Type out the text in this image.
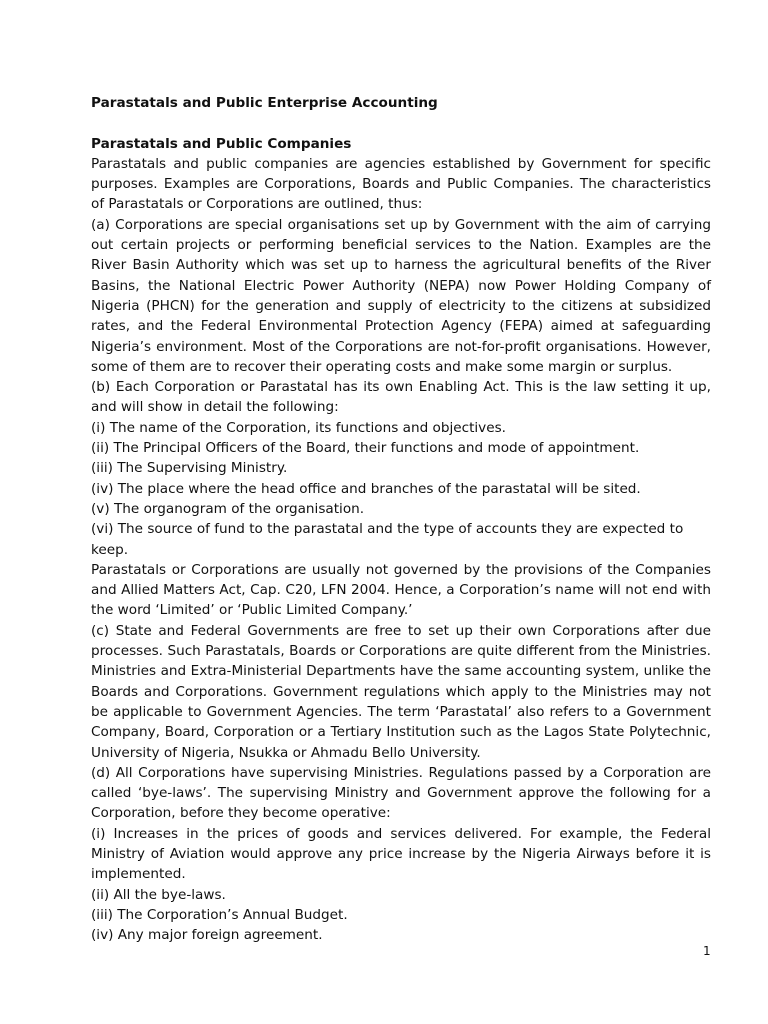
Parastatals and Public Enterprise Accounting

Parastatals and Public Companies

Parastatals and public companies are agencies established by Government for specific purposes. Examples are Corporations, Boards and Public Companies. The characteristics of Parastatals or Corporations are outlined, thus:

(a) Corporations are special organisations set up by Government with the aim of carrying out certain projects or performing beneficial services to the Nation. Examples are the River Basin Authority which was set up to harness the agricultural benefits of the River Basins, the National Electric Power Authority (NEPA) now Power Holding Company of Nigeria (PHCN) for the generation and supply of electricity to the citizens at subsidized rates, and the Federal Environmental Protection Agency (FEPA) aimed at safeguarding Nigeria’s environment. Most of the Corporations are not-for-profit organisations. However, some of them are to recover their operating costs and make some margin or surplus.

(b) Each Corporation or Parastatal has its own Enabling Act. This is the law setting it up, and will show in detail the following:

(i) The name of the Corporation, its functions and objectives.

(ii) The Principal Officers of the Board, their functions and mode of appointment.

(iii) The Supervising Ministry.

(iv) The place where the head office and branches of the parastatal will be sited.

(v) The organogram of the organisation.

(vi) The source of fund to the parastatal and the type of accounts they are expected to keep.

Parastatals or Corporations are usually not governed by the provisions of the Companies and Allied Matters Act, Cap. C20, LFN 2004. Hence, a Corporation’s name will not end with the word ‘Limited’ or ‘Public Limited Company.’

(c) State and Federal Governments are free to set up their own Corporations after due processes. Such Parastatals, Boards or Corporations are quite different from the Ministries. Ministries and Extra-Ministerial Departments have the same accounting system, unlike the Boards and Corporations. Government regulations which apply to the Ministries may not be applicable to Government Agencies. The term ‘Parastatal’ also refers to a Government Company, Board, Corporation or a Tertiary Institution such as the Lagos State Polytechnic, University of Nigeria, Nsukka or Ahmadu Bello University.

(d) All Corporations have supervising Ministries. Regulations passed by a Corporation are called ‘bye-laws’. The supervising Ministry and Government approve the following for a Corporation, before they become operative:

(i) Increases in the prices of goods and services delivered. For example, the Federal Ministry of Aviation would approve any price increase by the Nigeria Airways before it is implemented.

(ii) All the bye-laws.

(iii) The Corporation’s Annual Budget.

(iv) Any major foreign agreement.

1
